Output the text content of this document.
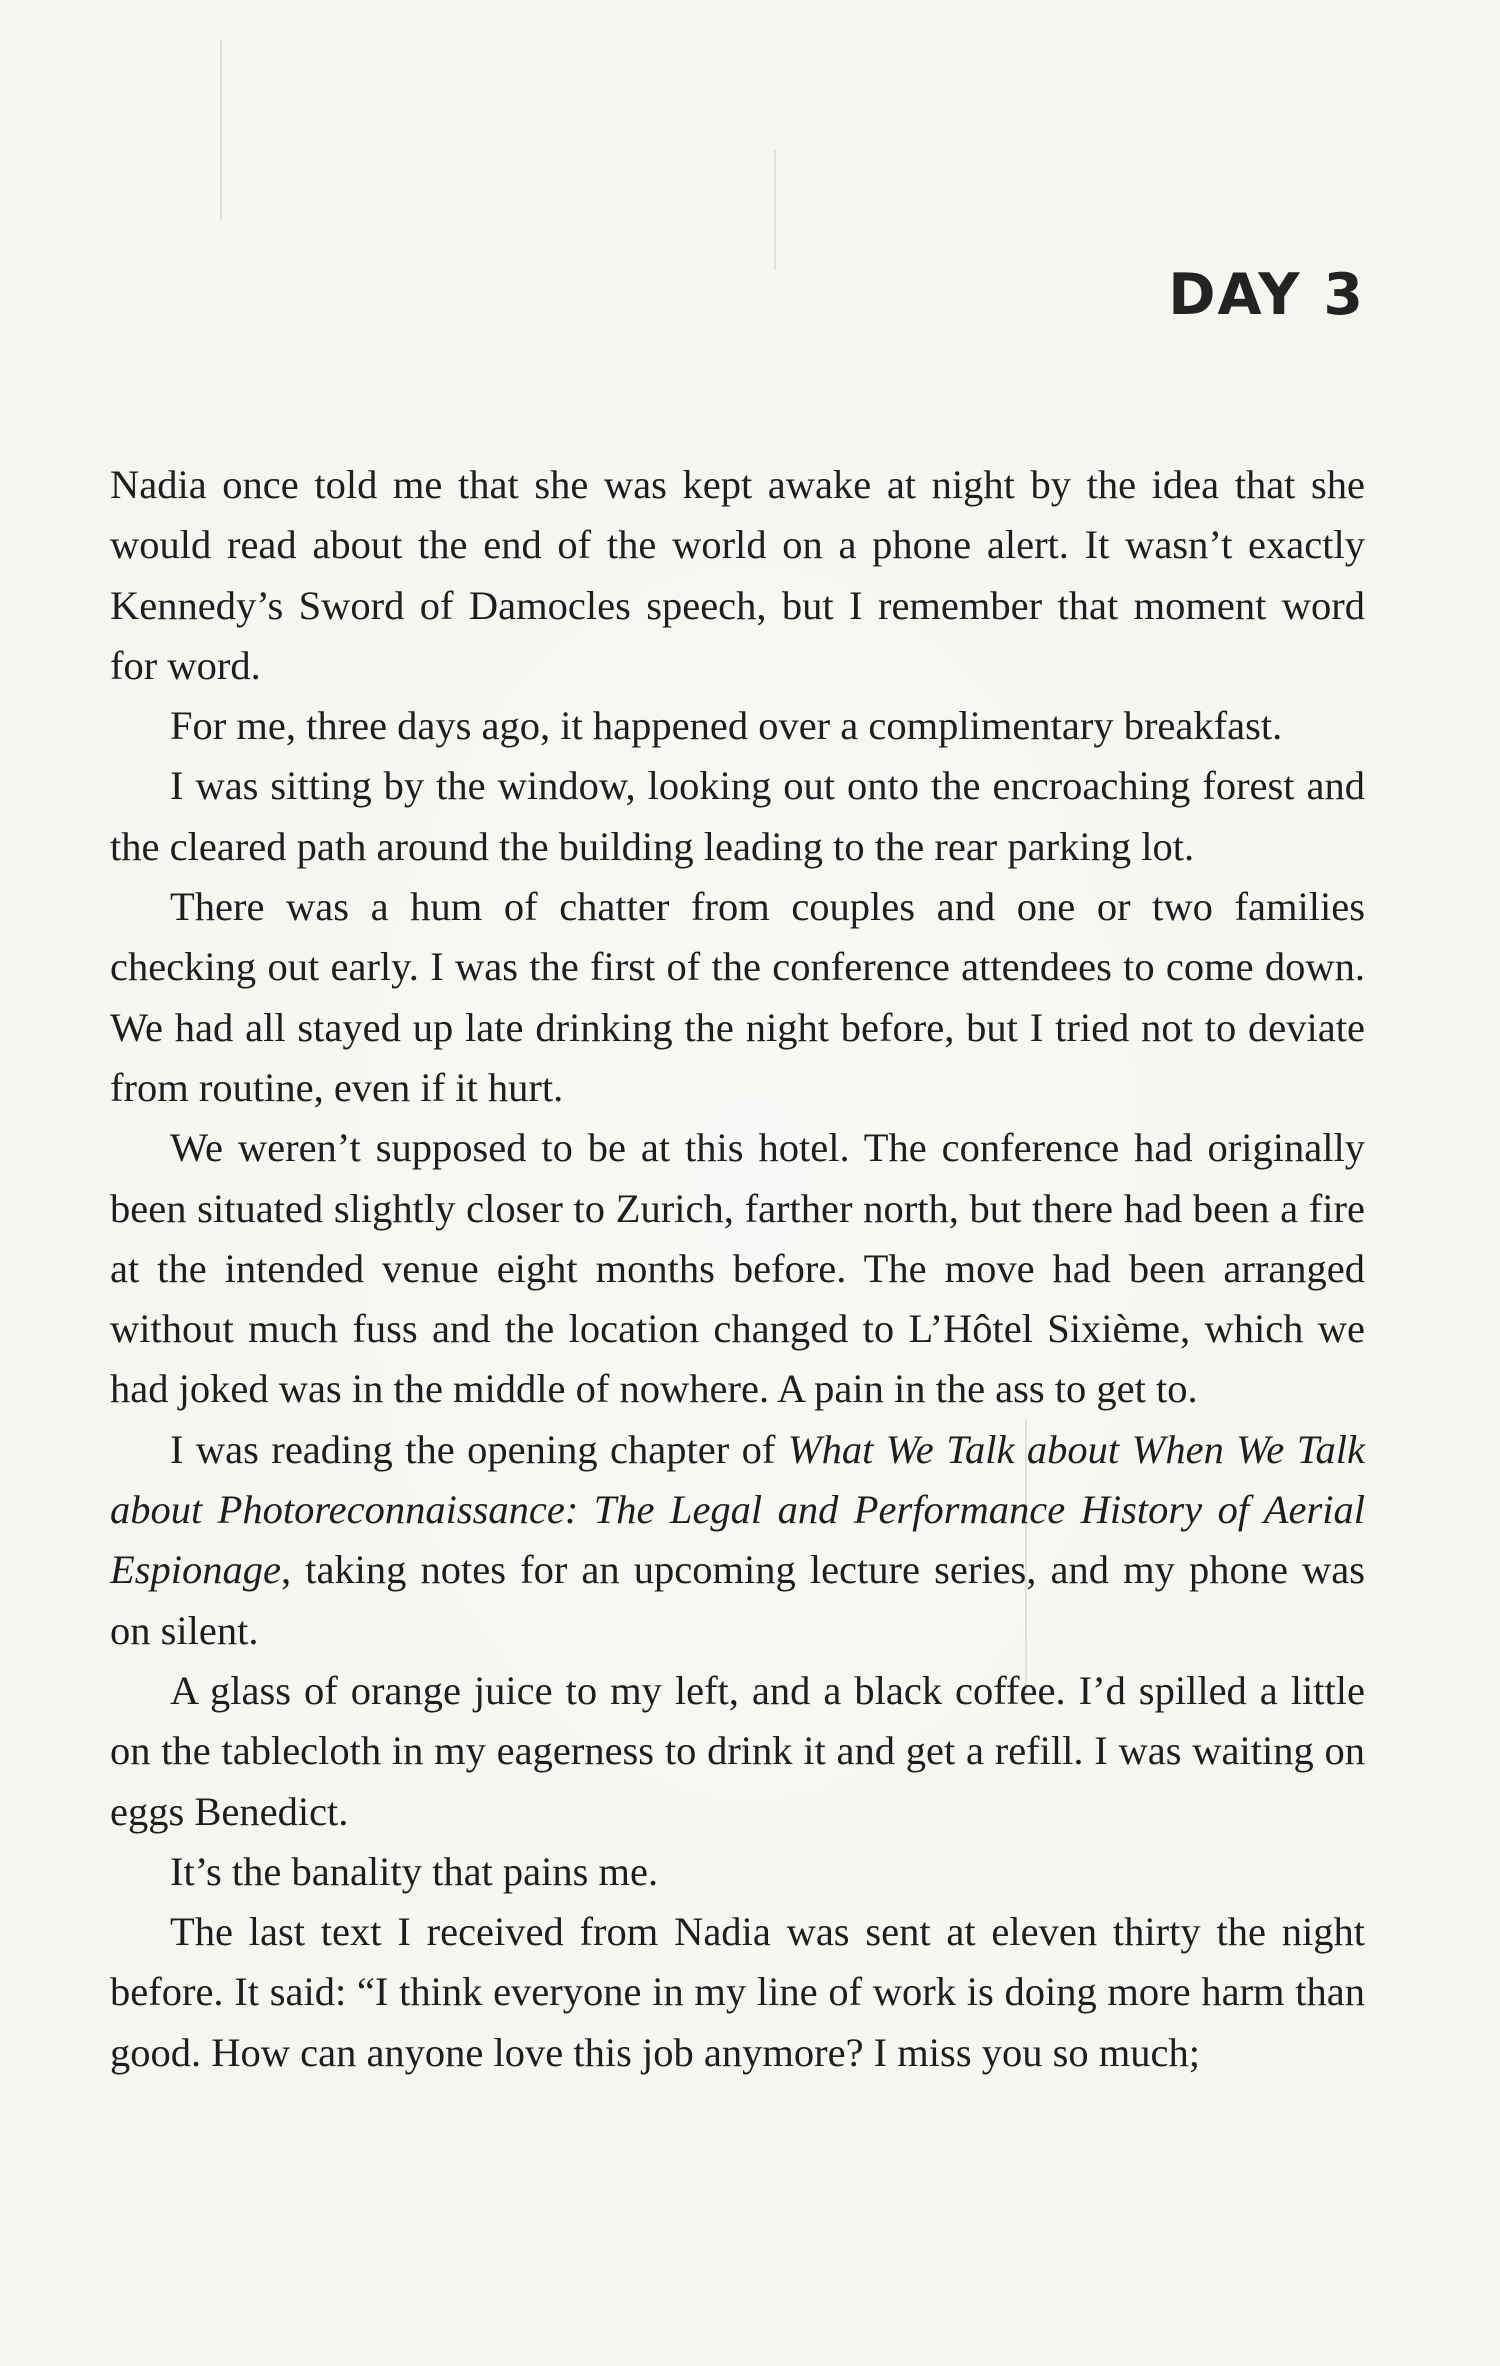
DAY 3

Nadia once told me that she was kept awake at night by the idea that she would read about the end of the world on a phone alert. It wasn’t exactly Kennedy’s Sword of Damocles speech, but I remember that moment word for word.

For me, three days ago, it happened over a complimentary breakfast.

I was sitting by the window, looking out onto the encroaching forest and the cleared path around the building leading to the rear parking lot.

There was a hum of chatter from couples and one or two families checking out early. I was the first of the conference attendees to come down. We had all stayed up late drinking the night before, but I tried not to deviate from routine, even if it hurt.

We weren’t supposed to be at this hotel. The conference had originally been situated slightly closer to Zurich, farther north, but there had been a fire at the intended venue eight months before. The move had been arranged without much fuss and the location changed to L’Hôtel Sixième, which we had joked was in the middle of nowhere. A pain in the ass to get to.

I was reading the opening chapter of What We Talk about When We Talk about Photoreconnaissance: The Legal and Performance History of Aerial Espionage, taking notes for an upcoming lecture series, and my phone was on silent.

A glass of orange juice to my left, and a black coffee. I’d spilled a little on the tablecloth in my eagerness to drink it and get a refill. I was waiting on eggs Benedict.

It’s the banality that pains me.

The last text I received from Nadia was sent at eleven thirty the night before. It said: “I think everyone in my line of work is doing more harm than good. How can anyone love this job anymore? I miss you so much;
